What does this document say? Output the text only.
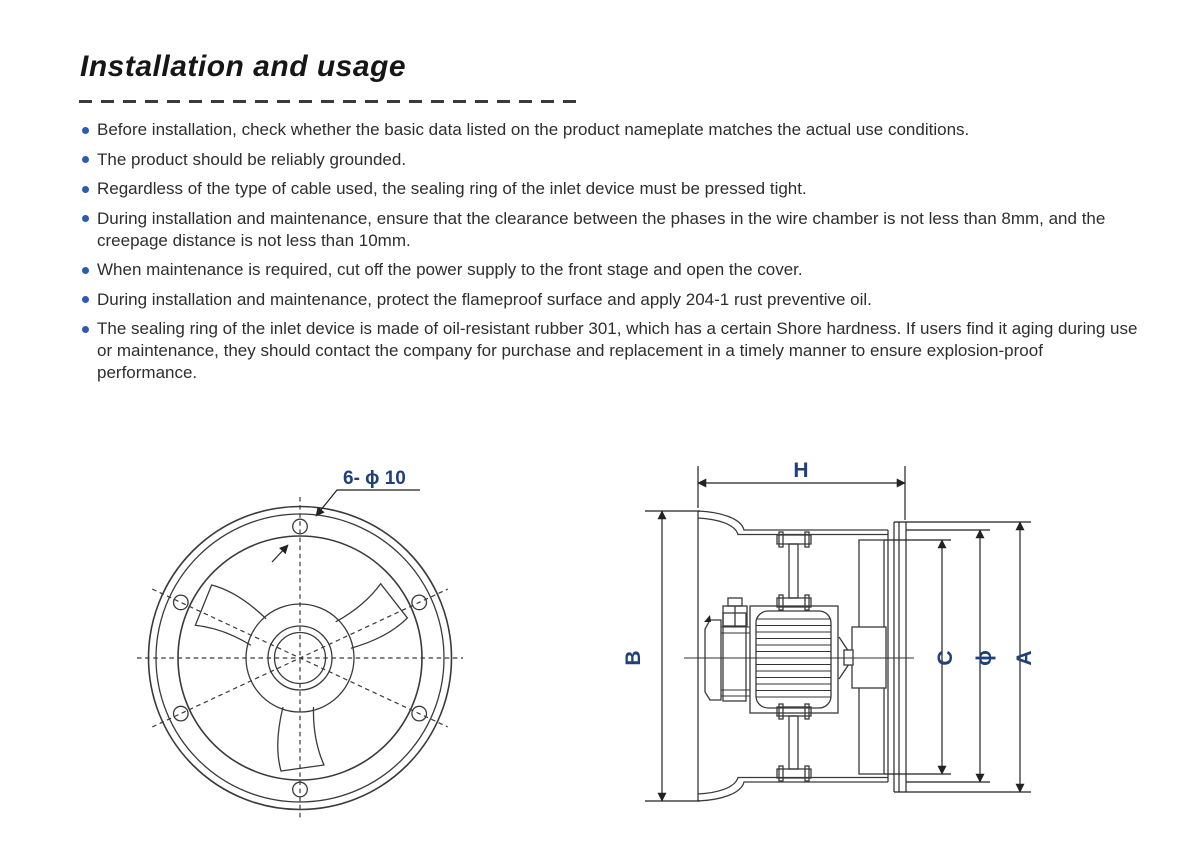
Installation and usage
Before installation, check whether the basic data listed on the product nameplate matches the actual use conditions.
The product should be reliably grounded.
Regardless of the type of cable used, the sealing ring of the inlet device must be pressed tight.
During installation and maintenance, ensure that the clearance between the phases in the wire chamber is not less than 8mm, and the creepage distance is not less than 10mm.
When maintenance is required, cut off the power supply to the front stage and open the cover.
During installation and maintenance, protect the flameproof surface and apply 204-1 rust preventive oil.
The sealing ring of the inlet device is made of oil-resistant rubber 301, which has a certain Shore hardness. If users find it aging during use or maintenance, they should contact the company for purchase and replacement in a timely manner to ensure explosion-proof performance.
6- ϕ 10	H
B	C ϕ A
